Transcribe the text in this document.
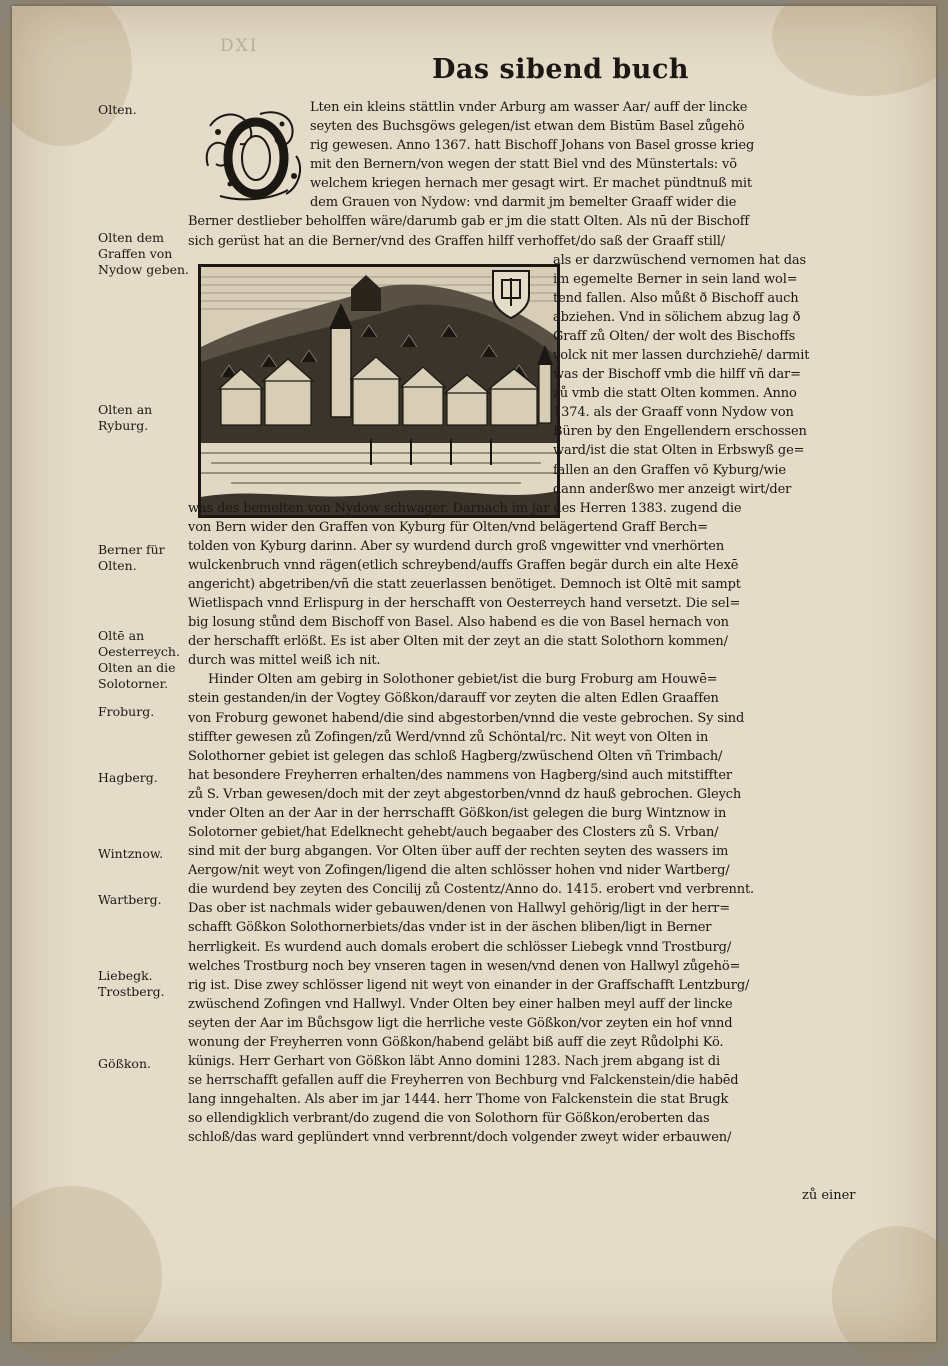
DXI
Das sibend buch
Olten.
Olten dem Graffen von Nydow geben.
Olten an Ryburg.
Berner für Olten.
Oltē an Oesterreych. Olten an die Solotorner.
Froburg.
Hagberg.
Wintznow.
Wartberg.
Liebegk. Trostberg.
Gößkon.
Lten ein kleins stättlin vnder Arburg am wasser Aar/ auff der lincke
seyten des Buchsgöws gelegen/ist etwan dem Bistūm Basel zůgehö
rig gewesen. Anno 1367. hatt Bischoff Johans von Basel grosse krieg
mit den Bernern/von wegen der statt Biel vnd des Münstertals: võ
welchem kriegen hernach mer gesagt wirt. Er machet pündtnuß mit
dem Grauen von Nydow: vnd darmit jm bemelter Graaff wider die
Berner destlieber beholffen wäre/darumb gab er jm die statt Olten. Als nū der Bischoff
sich gerüst hat an die Berner/vnd des Graffen hilff verhoffet/do saß der Graaff still/
als er darzwüschend vernomen hat das
im egemelte Berner in sein land wol=
tend fallen. Also můßt ð Bischoff auch
abziehen. Vnd in sölichem abzug lag ð
Graff zů Olten/ der wolt des Bischoffs
volck nit mer lassen durchziehē/ darmit
was der Bischoff vmb die hilff vñ dar=
zů vmb die statt Olten kommen. Anno
1374. als der Graaff vonn Nydow von
Büren by den Engellendern erschossen
ward/ist die stat Olten in Erbswyß ge=
fallen an den Graffen võ Kyburg/wie
dann anderßwo mer anzeigt wirt/der
was des bemelten von Nydow schwager. Darnach im jar des Herren 1383. zugend die
von Bern wider den Graffen von Kyburg für Olten/vnd belägertend Graff Berch=
tolden von Kyburg darinn. Aber sy wurdend durch groß vngewitter vnd vnerhörten
wulckenbruch vnnd rägen(etlich schreybend/auffs Graffen begär durch ein alte Hexē
angericht) abgetriben/vñ die statt zeuerlassen benötiget. Demnoch ist Oltē mit sampt
Wietlispach vnnd Erlispurg in der herschafft von Oesterreych hand versetzt. Die sel=
big losung stůnd dem Bischoff von Basel. Also habend es die von Basel hernach von
der herschafft erlößt. Es ist aber Olten mit der zeyt an die statt Solothorn kommen/
durch was mittel weiß ich nit.
Hinder Olten am gebirg in Solothoner gebiet/ist die burg Froburg am Houwē=
stein gestanden/in der Vogtey Gößkon/darauff vor zeyten die alten Edlen Graaffen
von Froburg gewonet habend/die sind abgestorben/vnnd die veste gebrochen. Sy sind
stiffter gewesen zů Zofingen/zů Werd/vnnd zů Schöntal/rc. Nit weyt von Olten in
Solothorner gebiet ist gelegen das schloß Hagberg/zwüschend Olten vñ Trimbach/
hat besondere Freyherren erhalten/des nammens von Hagberg/sind auch mitstiffter
zů S. Vrban gewesen/doch mit der zeyt abgestorben/vnnd dz hauß gebrochen. Gleych
vnder Olten an der Aar in der herrschafft Gößkon/ist gelegen die burg Wintznow in
Solotorner gebiet/hat Edelknecht gehebt/auch begaaber des Closters zů S. Vrban/
sind mit der burg abgangen. Vor Olten über auff der rechten seyten des wassers im
Aergow/nit weyt von Zofingen/ligend die alten schlösser hohen vnd nider Wartberg/
die wurdend bey zeyten des Concilij zů Costentz/Anno do. 1415. erobert vnd verbrennt.
Das ober ist nachmals wider gebauwen/denen von Hallwyl gehörig/ligt in der herr=
schafft Gößkon Solothornerbiets/das vnder ist in der äschen bliben/ligt in Berner
herrligkeit. Es wurdend auch domals erobert die schlösser Liebegk vnnd Trostburg/
welches Trostburg noch bey vnseren tagen in wesen/vnd denen von Hallwyl zůgehö=
rig ist. Dise zwey schlösser ligend nit weyt von einander in der Graffschafft Lentzburg/
zwüschend Zofingen vnd Hallwyl. Vnder Olten bey einer halben meyl auff der lincke
seyten der Aar im Bůchsgow ligt die herrliche veste Gößkon/vor zeyten ein hof vnnd
wonung der Freyherren vonn Gößkon/habend geläbt biß auff die zeyt Růdolphi Kö.
künigs. Herr Gerhart von Gößkon läbt Anno domini 1283. Nach jrem abgang ist di
se herrschafft gefallen auff die Freyherren von Bechburg vnd Falckenstein/die habēd
lang inngehalten. Als aber im jar 1444. herr Thome von Falckenstein die stat Brugk
so ellendigklich verbrant/do zugend die von Solothorn für Gößkon/eroberten das
schloß/das ward geplündert vnnd verbrennt/doch volgender zweyt wider erbauwen/
zů einer
